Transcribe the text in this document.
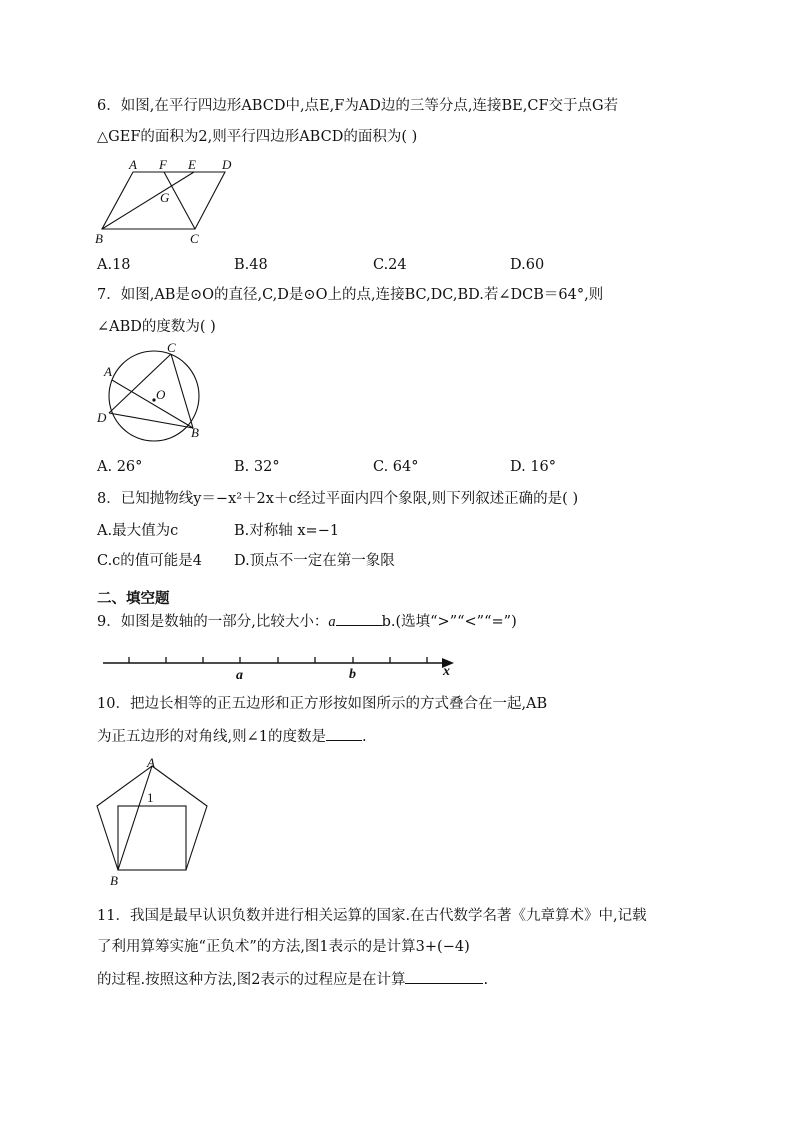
6．如图,在平行四边形ABCD中,点E,F为AD边的三等分点,连接BE,CF交于点G若
△GEF的面积为2,则平行四边形ABCD的面积为( )
A F E D
G
B	C
A.18	B.48	C.24	D.60
7．如图,AB是⊙O的直径,C,D是⊙O上的点,连接BC,DC,BD.若∠DCB＝64°,则
∠ABD的度数为( )
A
C
O
D
B
A. 26°	B. 32°	C. 64°	D. 16°
8．已知抛物线y＝−x²＋2x＋c经过平面内四个象限,则下列叙述正确的是( )
A.最大值为c	B.对称轴 x=−1
C.c的值可能是4 D.顶点不一定在第一象限
二、填空题
9．如图是数轴的一部分,比较大小：a	b.(选填“>”“<”“=”)
a	b	x
10．把边长相等的正五边形和正方形按如图所示的方式叠合在一起,AB
为正五边形的对角线,则∠1的度数是 .
A
B
1
11．我国是最早认识负数并进行相关运算的国家.在古代数学名著《九章算术》中,记载
了利用算筹实施“正负术”的方法,图1表示的是计算3+(−4)
的过程.按照这种方法,图2表示的过程应是在计算	.
